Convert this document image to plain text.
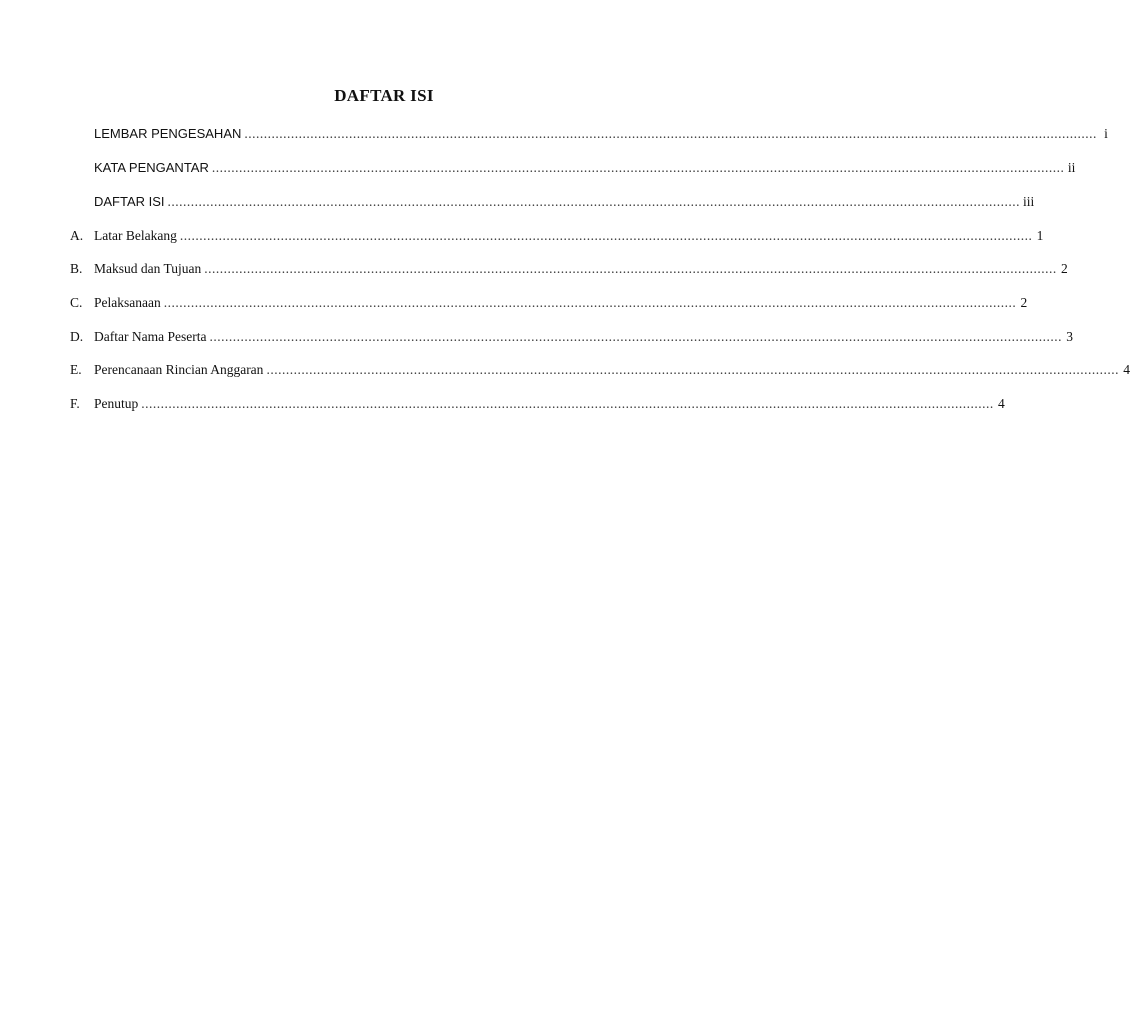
DAFTAR ISI
LEMBAR PENGESAHAN ............................................................................................................................................................................................................................ i
KATA PENGANTAR ............................................................................................................................................................................................................................ ii
DAFTAR ISI ............................................................................................................................................................................................................................ iii
A. Latar Belakang ............................................................................................................................................................................................................................ 1
B. Maksud dan Tujuan ............................................................................................................................................................................................................................ 2
C. Pelaksanaan ............................................................................................................................................................................................................................ 2
D. Daftar Nama Peserta ............................................................................................................................................................................................................................ 3
E. Perencanaan Rincian Anggaran ............................................................................................................................................................................................................................ 4
F.	Penutup ............................................................................................................................................................................................................................ 4
